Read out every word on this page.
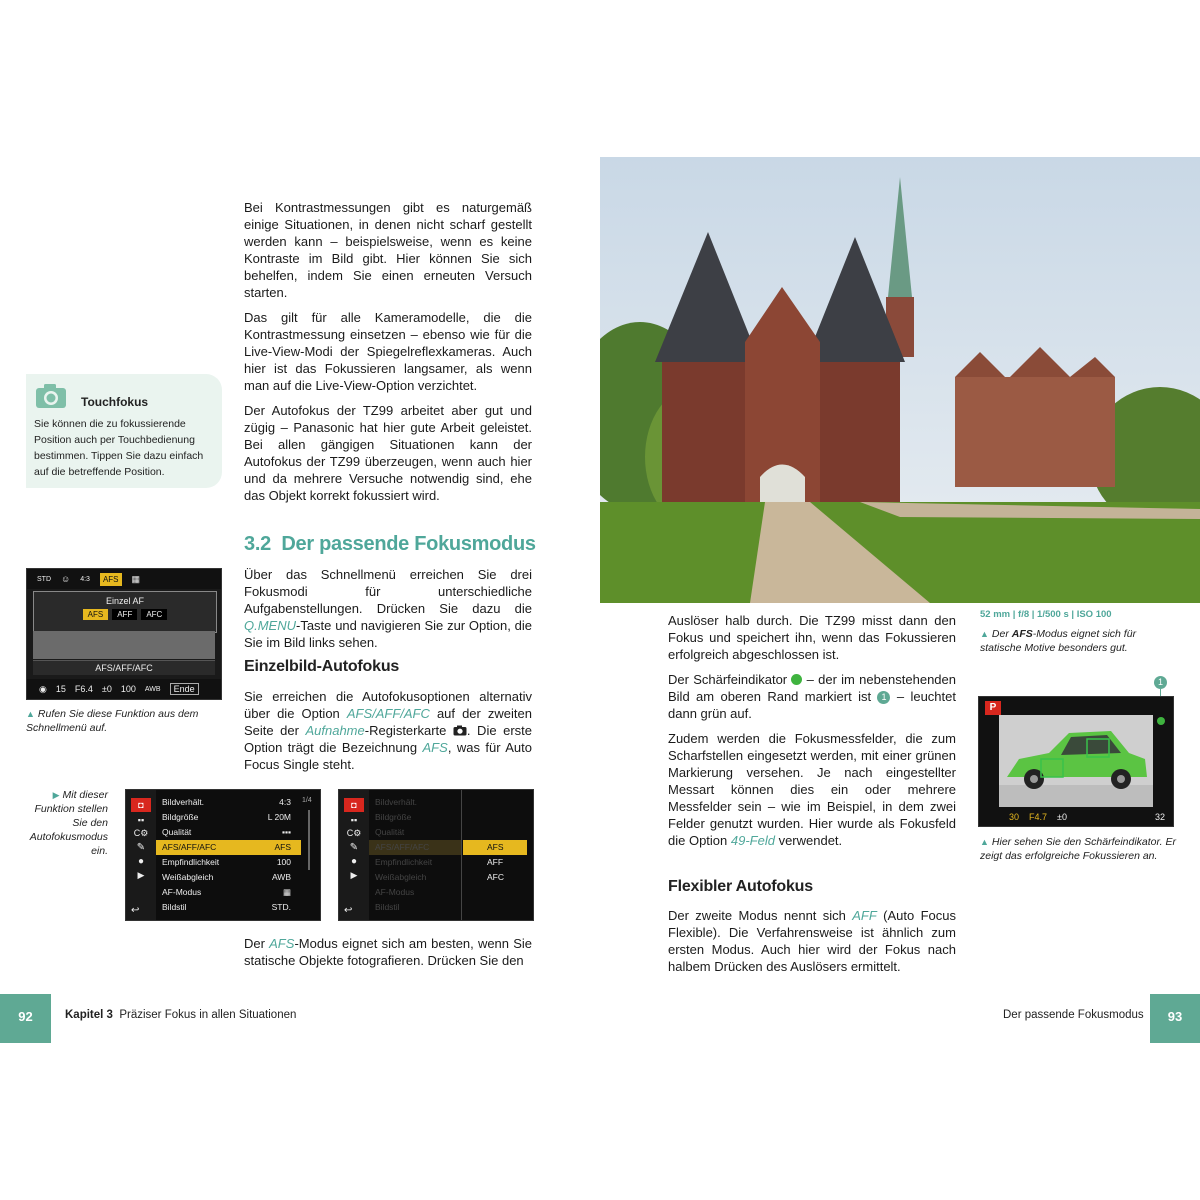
Bei Kontrastmessungen gibt es naturgemäß einige Situationen, in denen nicht scharf gestellt werden kann – beispielsweise, wenn es keine Kontraste im Bild gibt. Hier können Sie sich behelfen, indem Sie einen erneuten Versuch starten.

Das gilt für alle Kameramodelle, die die Kontrastmessung einsetzen – ebenso wie für die Live-View-Modi der Spiegelreflexkameras. Auch hier ist das Fokussieren langsamer, als wenn man auf die Live-View-Option verzichtet.

Der Autofokus der TZ99 arbeitet aber gut und zügig – Panasonic hat hier gute Arbeit geleistet. Bei allen gängigen Situationen kann der Autofokus der TZ99 überzeugen, wenn auch hier und da mehrere Versuche notwendig sind, ehe das Objekt korrekt fokussiert wird.

Touchfokus
Sie können die zu fokussierende Position auch per Touchbedienung bestimmen. Tippen Sie dazu einfach auf die betreffende Position.
3.2  Der passende Fokusmodus
Über das Schnellmenü erreichen Sie drei Fokusmodi für unterschiedliche Aufgabenstellungen. Drücken Sie dazu die Q.MENU-Taste und navigieren Sie zur Option, die Sie im Bild links sehen.
Einzelbild-Autofokus
Sie erreichen die Autofokusoptionen alternativ über die Option AFS/AFF/AFC auf der zweiten Seite der Aufnahme-Registerkarte . Die erste Option trägt die Bezeichnung AFS, was für Auto Focus Single steht.
Der AFS-Modus eignet sich am besten, wenn Sie statische Objekte fotografieren. Drücken Sie den
STD ☺ 4:3	AFS	▦
Einzel AF
AFS	AFF	AFC
AFS/AFF/AFC
◉ 15 F6.4 ±0 100 AWB	Ende
▲ Rufen Sie diese Funktion aus dem Schnellmenü auf.
▶ Mit dieser Funktion stellen Sie den Autofokusmodus ein.
◘
▪▪
C⚙
✎
●
▶
↩
Bildverhält.	4:3
Bildgröße	L 20M
Qualität	▪▪▪
AFS/AFF/AFC	AFS
Empfindlichkeit	100
Weißabgleich	AWB
AF-Modus	▦
Bildstil	STD.
1/4	◘
▪▪
C⚙
✎
●
▶
↩
Bildverhält.
Bildgröße
Qualität
AFS/AFF/AFC
Empfindlichkeit
Weißabgleich
AF-Modus
Bildstil
AFS
AFF
AFC
52 mm | f/8 | 1/500 s | ISO 100
▲ Der AFS-Modus eignet sich für statische Motive besonders gut.

Auslöser halb durch. Die TZ99 misst dann den Fokus und speichert ihn, wenn das Fokussieren erfolgreich abgeschlossen ist.

Der Schärfeindikator  – der im nebenstehenden Bild am oberen Rand markiert ist 1 – leuchtet dann grün auf.

Zudem werden die Fokusmessfelder, die zum Scharfstellen eingesetzt werden, mit einer grünen Markierung versehen. Je nach eingestellter Messart können dies ein oder mehrere Messfelder sein – wie im Beispiel, in dem zwei Felder genutzt wurden. Hier wurde als Fokusfeld die Option 49-Feld verwendet.

Flexibler Autofokus
Der zweite Modus nennt sich AFF (Auto Focus Flexible). Die Verfahrensweise ist ähnlich zum ersten Modus. Auch hier wird der Fokus nach halbem Drücken des Auslösers ermittelt.
1
P
30 F4.7 ±0	32
▲ Hier sehen Sie den Schärfeindikator. Er zeigt das erfolgreiche Fokussieren an.
92	Kapitel 3 Präziser Fokus in allen Situationen	Der passende Fokusmodus	93
